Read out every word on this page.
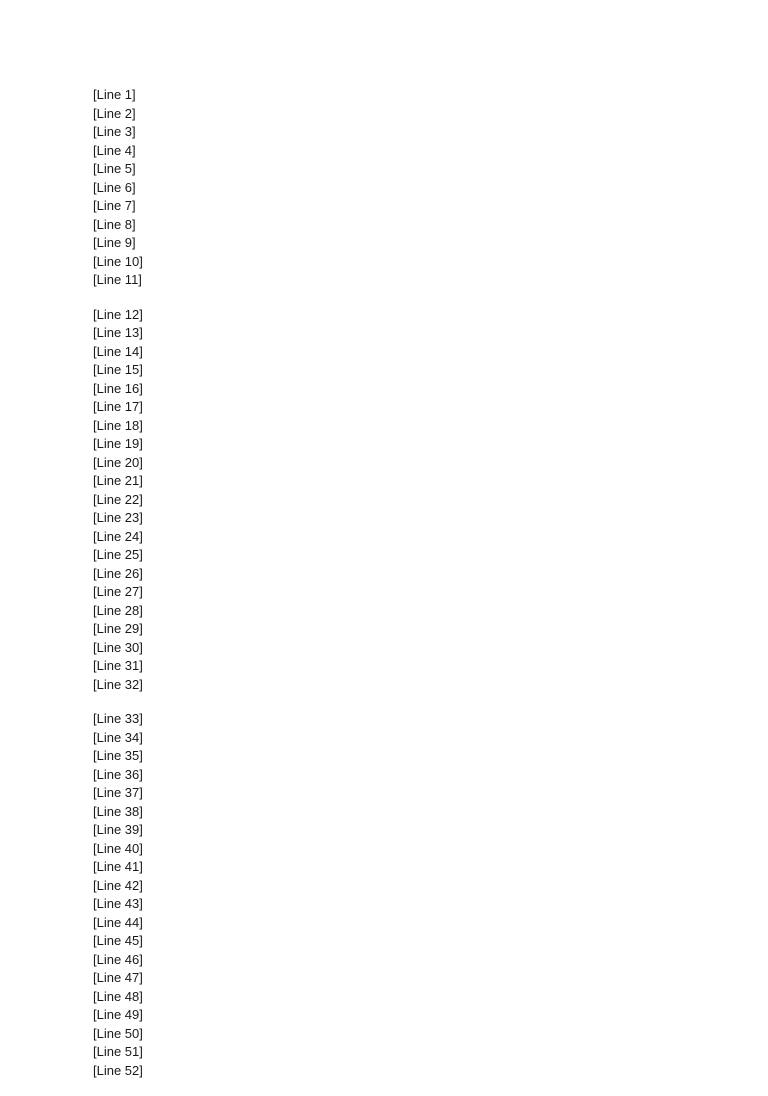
[Line 1]
[Line 2]
[Line 3]
[Line 4]
[Line 5]
[Line 6]
[Line 7]
[Line 8]
[Line 9]
[Line 10]
[Line 11]
[Line 12]
[Line 13]
[Line 14]
[Line 15]
[Line 16]
[Line 17]
[Line 18]
[Line 19]
[Line 20]
[Line 21]
[Line 22]
[Line 23]
[Line 24]
[Line 25]
[Line 26]
[Line 27]
[Line 28]
[Line 29]
[Line 30]
[Line 31]
[Line 32]
[Line 33]
[Line 34]
[Line 35]
[Line 36]
[Line 37]
[Line 38]
[Line 39]
[Line 40]
[Line 41]
[Line 42]
[Line 43]
[Line 44]
[Line 45]
[Line 46]
[Line 47]
[Line 48]
[Line 49]
[Line 50]
[Line 51]
[Line 52]
